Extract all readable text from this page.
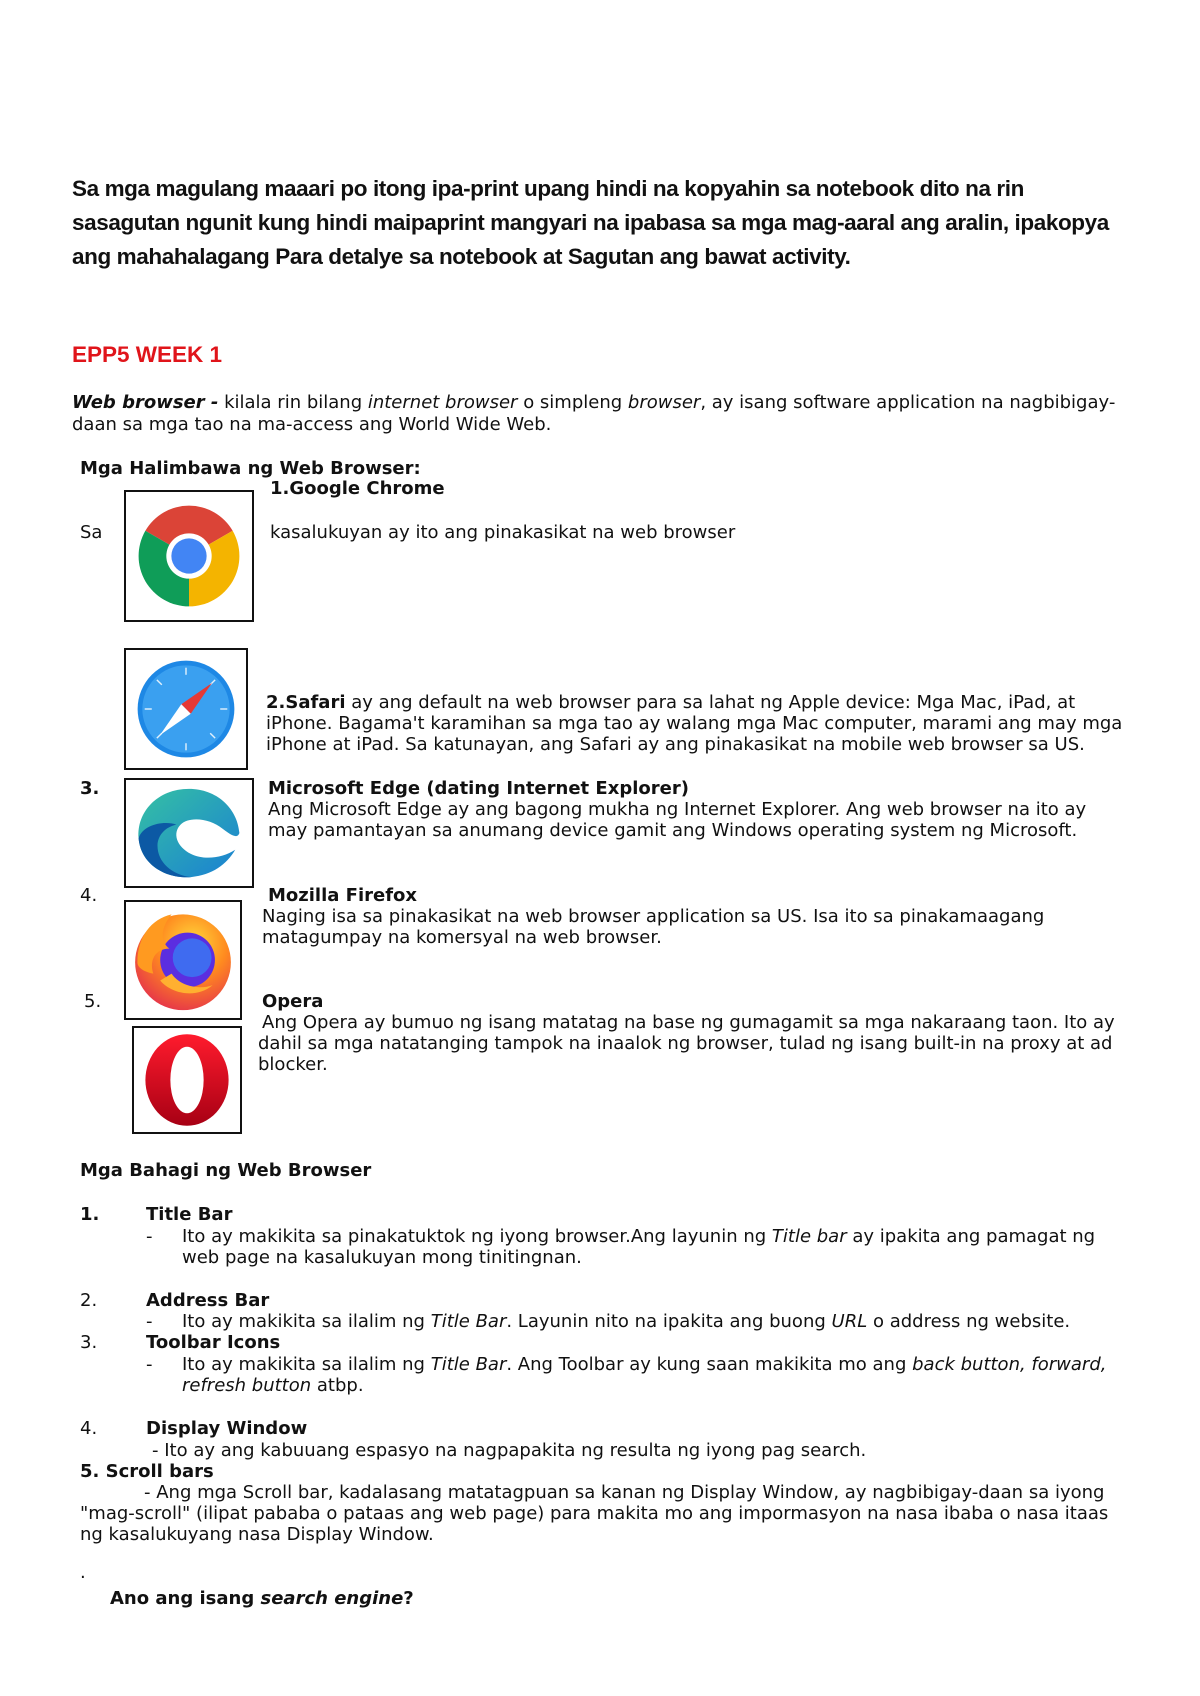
Sa mga magulang maaari po itong ipa-print upang hindi na kopyahin sa notebook dito na rin sasagutan ngunit kung hindi maipaprint mangyari na ipabasa sa mga mag-aaral ang aralin, ipakopya ang mahahalagang Para detalye sa notebook at Sagutan ang bawat activity.
EPP5 WEEK 1
Web browser - kilala rin bilang internet browser o simpleng browser, ay isang software application na nagbibigay-
daan sa mga tao na ma-access ang World Wide Web.
Mga Halimbawa ng Web Browser:
1.Google Chrome
Sa	kasalukuyan ay ito ang pinakasikat na web browser
2.Safari ay ang default na web browser para sa lahat ng Apple device: Mga Mac, iPad, at
iPhone. Bagama't karamihan sa mga tao ay walang mga Mac computer, marami ang may mga
iPhone at iPad. Sa katunayan, ang Safari ay ang pinakasikat na mobile web browser sa US.
3.	Microsoft Edge (dating Internet Explorer)
Ang Microsoft Edge ay ang bagong mukha ng Internet Explorer. Ang web browser na ito ay
may pamantayan sa anumang device gamit ang Windows operating system ng Microsoft.
4.	Mozilla Firefox
Naging isa sa pinakasikat na web browser application sa US. Isa ito sa pinakamaagang
matagumpay na komersyal na web browser.
5.	Opera
Ang Opera ay bumuo ng isang matatag na base ng gumagamit sa mga nakaraang taon. Ito ay
dahil sa mga natatanging tampok na inaalok ng browser, tulad ng isang built-in na proxy at ad
blocker.
Mga Bahagi ng Web Browser
1.	Title Bar
- Ito ay makikita sa pinakatuktok ng iyong browser.Ang layunin ng Title bar ay ipakita ang pamagat ng
web page na kasalukuyan mong tinitingnan.
2.	Address Bar
- Ito ay makikita sa ilalim ng Title Bar. Layunin nito na ipakita ang buong URL o address ng website.
3.	Toolbar Icons
- Ito ay makikita sa ilalim ng Title Bar. Ang Toolbar ay kung saan makikita mo ang back button, forward,
refresh button atbp.
4.	Display Window
- Ito ay ang kabuuang espasyo na nagpapakita ng resulta ng iyong pag search.
5. Scroll bars
- Ang mga Scroll bar, kadalasang matatagpuan sa kanan ng Display Window, ay nagbibigay-daan sa iyong
"mag-scroll" (ilipat pababa o pataas ang web page) para makita mo ang impormasyon na nasa ibaba o nasa itaas
ng kasalukuyang nasa Display Window.
.
Ano ang isang search engine?
